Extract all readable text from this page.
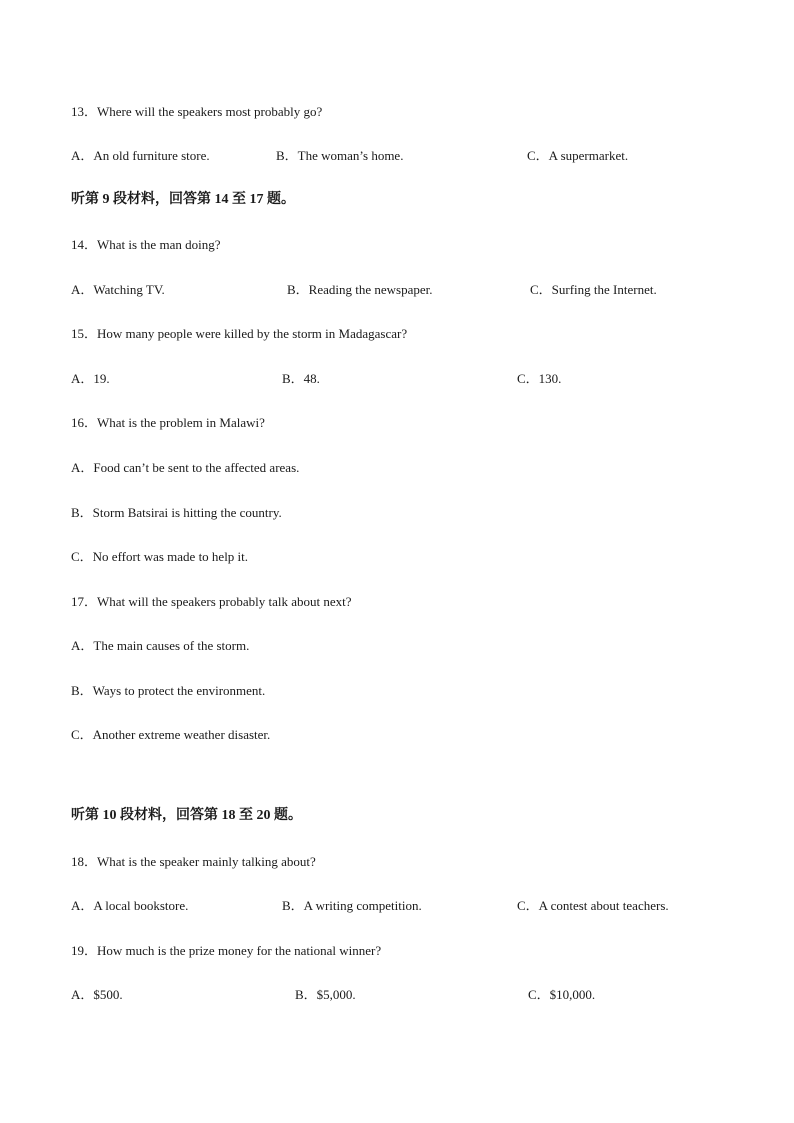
13．Where will the speakers most probably go?
A．An old furniture store.	B．The woman’s home.	C．A supermarket.
听第 9 段材料，回答第 14 至 17 题。
14．What is the man doing?
A．Watching TV.	B．Reading the newspaper.	C．Surfing the Internet.
15．How many people were killed by the storm in Madagascar?
A．19.	B．48.	C．130.
16．What is the problem in Malawi?
A．Food can’t be sent to the affected areas.
B．Storm Batsirai is hitting the country.
C．No effort was made to help it.
17．What will the speakers probably talk about next?
A．The main causes of the storm.
B．Ways to protect the environment.
C．Another extreme weather disaster.
听第 10 段材料，回答第 18 至 20 题。
18．What is the speaker mainly talking about?
A．A local bookstore.	B．A writing competition.	C．A contest about teachers.
19．How much is the prize money for the national winner?
A．$500.	B．$5,000.	C．$10,000.
